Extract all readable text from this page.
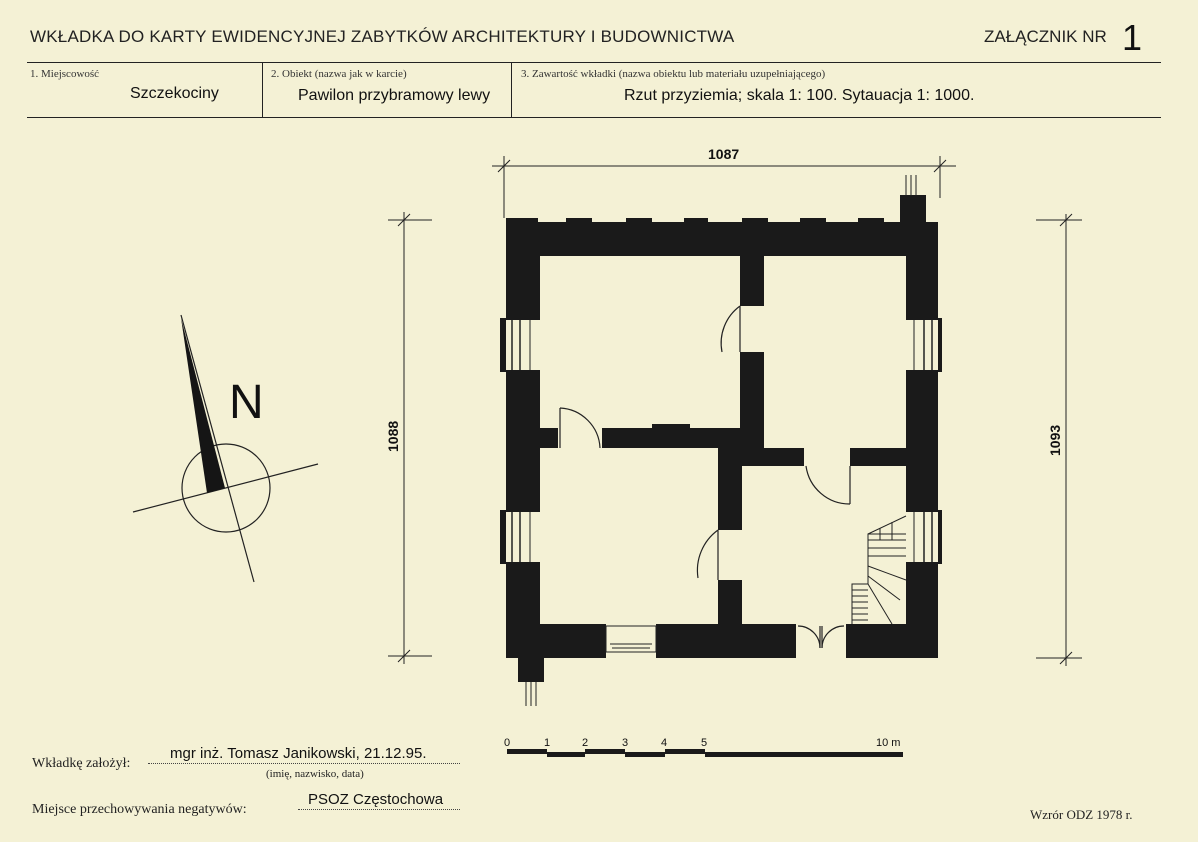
WKŁADKA DO KARTY EWIDENCYJNEJ ZABYTKÓW ARCHITEKTURY I BUDOWNICTWA	ZAŁĄCZNIK NR 1
1. Miejscowość
Szczekociny
2. Obiekt (nazwa jak w karcie)
Pawilon przybramowy lewy
3. Zawartość wkładki (nazwa obiektu lub materiału uzupełniającego)
Rzut przyziemia; skala 1: 100. Sytauacja 1: 1000.
N
1087
1088	1093
0	1	2	3	4	5	10 m
Wkładkę założył:
mgr inż. Tomasz Janikowski, 21.12.95.
(imię, nazwisko, data)
Miejsce przechowywania negatywów:
PSOZ Częstochowa
Wzrór ODZ 1978 r.
